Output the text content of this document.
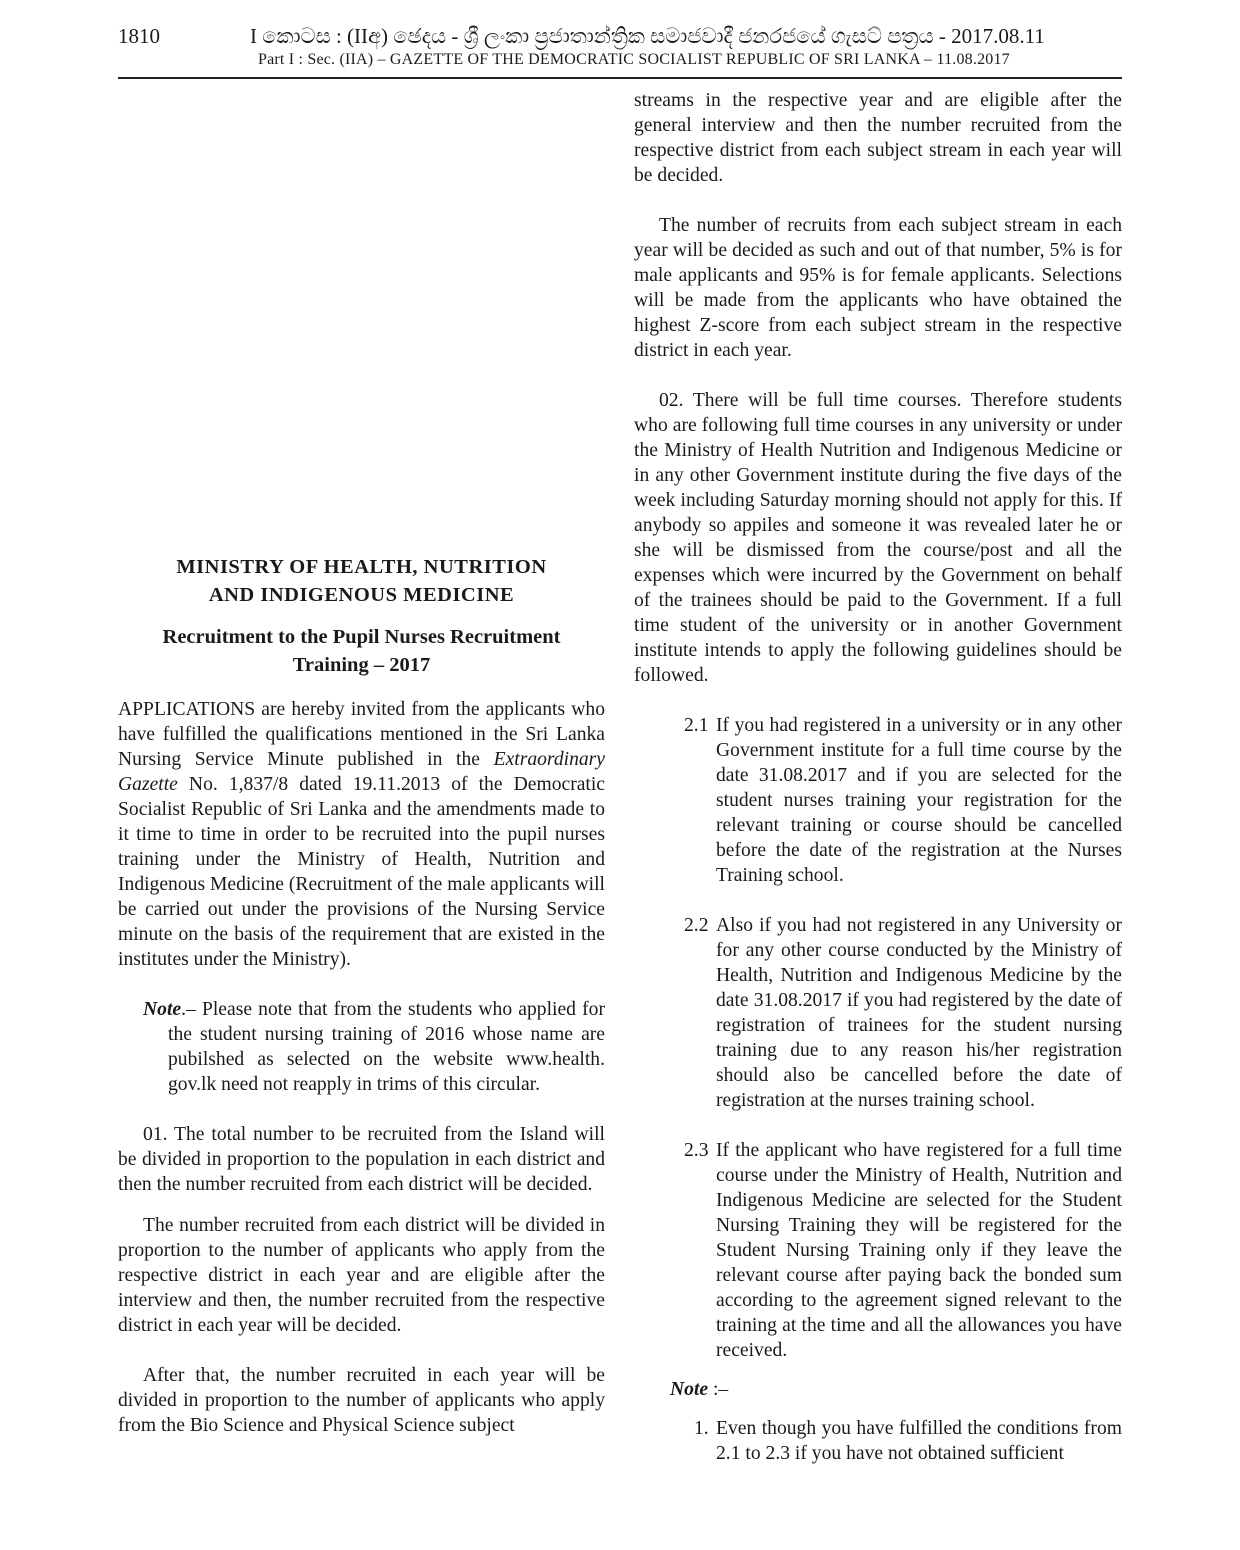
1810	I කොටස : (IIඅ) ඡෙදය - ශ්‍රී ලංකා ප්‍රජාතාන්ත්‍රික සමාජවාදී ජනරජයේ ගැසට් පත්‍රය - 2017.08.11
Part I : Sec. (IIA) – GAZETTE OF THE DEMOCRATIC SOCIALIST REPUBLIC OF SRI LANKA – 11.08.2017
MINISTRY OF HEALTH, NUTRITION
AND INDIGENOUS MEDICINE
Recruitment to the Pupil Nurses Recruitment
Training – 2017

APPLICATIONS are hereby invited from the applicants who have fulfilled the qualifications mentioned in the Sri Lanka Nursing Service Minute published in the Extraordinary Gazette No. 1,837/8 dated 19.11.2013 of the Democratic Socialist Republic of Sri Lanka and the amendments made to it time to time in order to be recruited into the pupil nurses training under the Ministry of Health, Nutrition and Indigenous Medicine (Recruitment of the male applicants will be carried out under the provisions of the Nursing Service minute on the basis of the requirement that are existed in the institutes under the Ministry).

Note.– Please note that from the students who applied for the student nursing training of 2016 whose name are pubilshed as selected on the website www.health. gov.lk need not reapply in trims of this circular.

01. The total number to be recruited from the Island will be divided in proportion to the population in each district and then the number recruited from each district will be decided.

The number recruited from each district will be divided in proportion to the number of applicants who apply from the respective district in each year and are eligible after the interview and then, the number recruited from the respective district in each year will be decided.

After that, the number recruited in each year will be divided in proportion to the number of applicants who apply from the Bio Science and Physical Science subject

streams in the respective year and are eligible after the general interview and then the number recruited from the respective district from each subject stream in each year will be decided.

The number of recruits from each subject stream in each year will be decided as such and out of that number, 5% is for male applicants and 95% is for female applicants. Selections will be made from the applicants who have obtained the highest Z-score from each subject stream in the respective district in each year.

02. There will be full time courses. Therefore students who are following full time courses in any university or under the Ministry of Health Nutrition and Indigenous Medicine or in any other Government institute during the five days of the week including Saturday morning should not apply for this. If anybody so appiles and someone it was revealed later he or she will be dismissed from the course/post and all the expenses which were incurred by the Government on behalf of the trainees should be paid to the Government. If a full time student of the university or in another Government institute intends to apply the following guidelines should be followed.

2.1 If you had registered in a university or in any other Government institute for a full time course by the date 31.08.2017 and if you are selected for the student nurses training your registration for the relevant training or course should be cancelled before the date of the registration at the Nurses Training school.
2.2 Also if you had not registered in any University or for any other course conducted by the Ministry of Health, Nutrition and Indigenous Medicine by the date 31.08.2017 if you had registered by the date of registration of trainees for the student nursing training due to any reason his/her registration should also be cancelled before the date of registration at the nurses training school.
2.3 If the applicant who have registered for a full time course under the Ministry of Health, Nutrition and Indigenous Medicine are selected for the Student Nursing Training they will be registered for the Student Nursing Training only if they leave the relevant course after paying back the bonded sum according to the agreement signed relevant to the training at the time and all the allowances you have received.
Note :–
1. Even though you have fulfilled the conditions from 2.1 to 2.3 if you have not obtained sufficient
